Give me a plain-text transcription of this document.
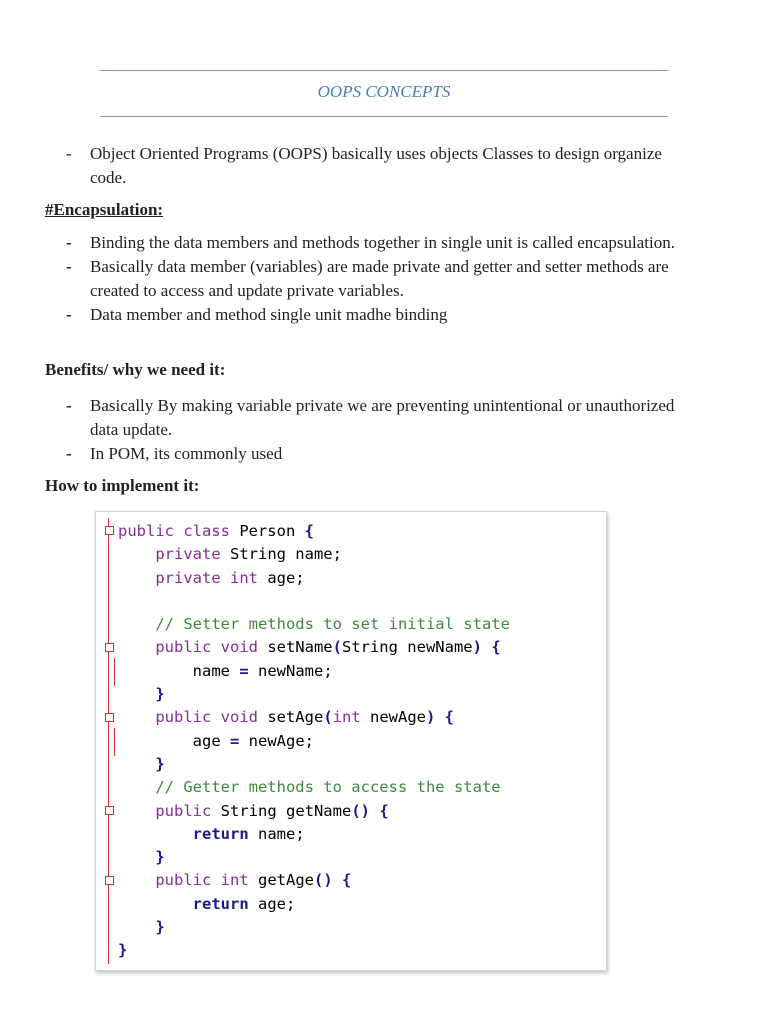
OOPS CONCEPTS
-	Object Oriented Programs (OOPS) basically uses objects Classes to design organize code.
#Encapsulation:
-	Binding the data members and methods together in single unit is called encapsulation.
-	Basically data member (variables) are made private and getter and setter methods are created to access and update private variables.
-	Data member and method single unit madhe binding
Benefits/ why we need it:
-	Basically By making variable private we are preventing unintentional or unauthorized data update.
-	In POM, its commonly used
How to implement it:
public class Person {
private String name;
private int age;

// Setter methods to set initial state
public void setName(String newName) {
name = newName;
}
public void setAge(int newAge) {
age = newAge;
}
// Getter methods to access the state
public String getName() {
return name;
}
public int getAge() {
return age;
}
}
